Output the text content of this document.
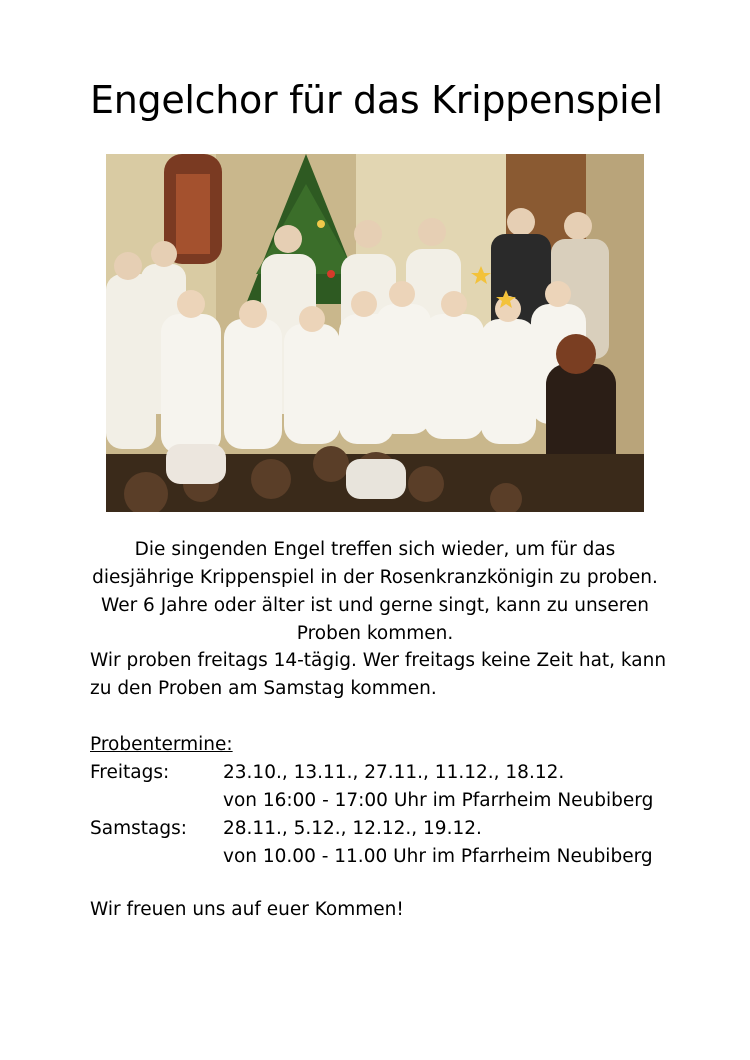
Engelchor für das Krippenspiel
Die singenden Engel treffen sich wieder, um für das
diesjährige Krippenspiel in der Rosenkranzkönigin zu proben.
Wer 6 Jahre oder älter ist und gerne singt, kann zu unseren
Proben kommen.
Wir proben freitags 14-tägig. Wer freitags keine Zeit hat, kann
zu den Proben am Samstag kommen.
Probentermine:
Freitags:	23.10., 13.11., 27.11., 11.12., 18.12.
von 16:00 - 17:00 Uhr im Pfarrheim Neubiberg
Samstags: 28.11., 5.12., 12.12., 19.12.
von 10.00 - 11.00 Uhr im Pfarrheim Neubiberg
Wir freuen uns auf euer Kommen!
